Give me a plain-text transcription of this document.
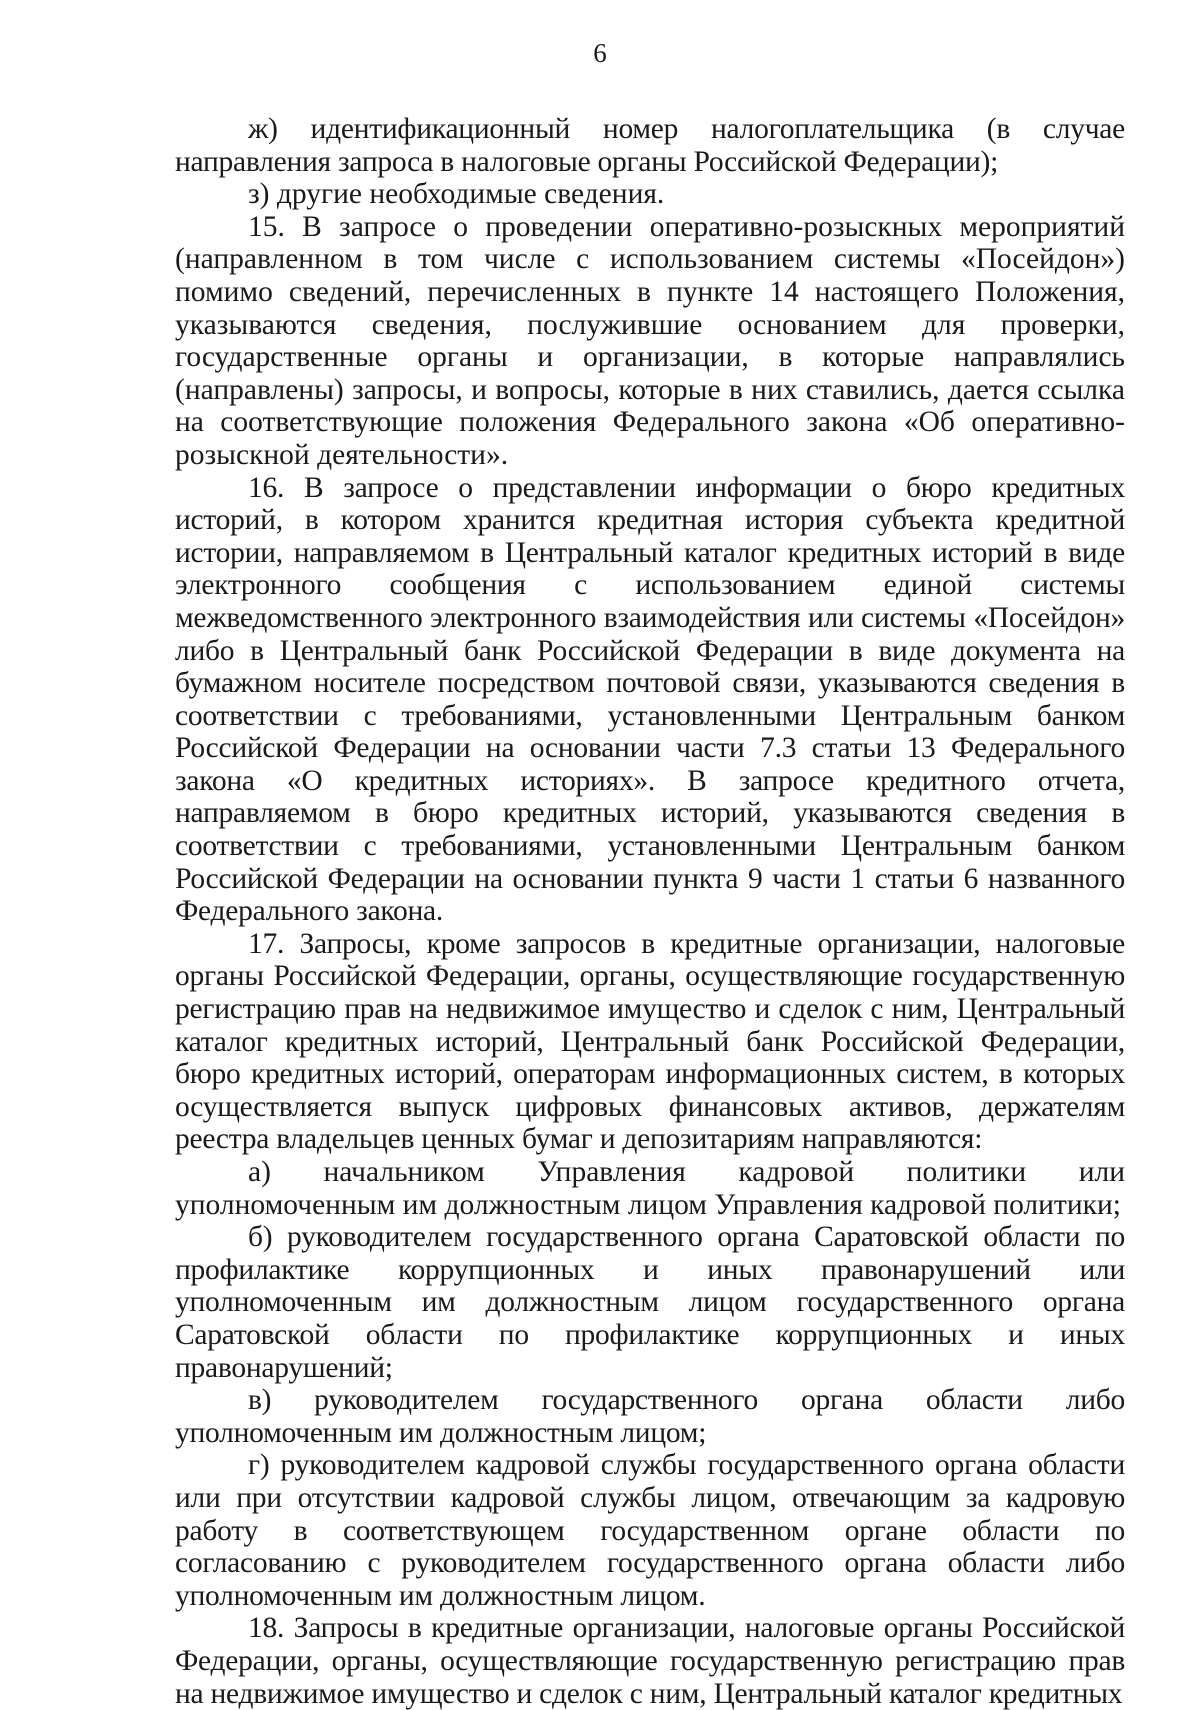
6

ж) идентификационный номер налогоплательщика (в случае направления запроса в налоговые органы Российской Федерации);

з) другие необходимые сведения.

15. В запросе о проведении оперативно-розыскных мероприятий (направленном в том числе с использованием системы «Посейдон») помимо сведений, перечисленных в пункте 14 настоящего Положения, указываются сведения, послужившие основанием для проверки, государственные органы и организации, в которые направлялись (направлены) запросы, и вопросы, которые в них ставились, дается ссылка на соответствующие положения Федерального закона «Об оперативно-розыскной деятельности».

16. В запросе о представлении информации о бюро кредитных историй, в котором хранится кредитная история субъекта кредитной истории, направляемом в Центральный каталог кредитных историй в виде электронного сообщения с использованием единой системы межведомственного электронного взаимодействия или системы «Посейдон» либо в Центральный банк Российской Федерации в виде документа на бумажном носителе посредством почтовой связи, указываются сведения в соответствии с требованиями, установленными Центральным банком Российской Федерации на основании части 7.3 статьи 13 Федерального закона «О кредитных историях». В запросе кредитного отчета, направляемом в бюро кредитных историй, указываются сведения в соответствии с требованиями, установленными Центральным банком Российской Федерации на основании пункта 9 части 1 статьи 6 названного Федерального закона.

17. Запросы, кроме запросов в кредитные организации, налоговые органы Российской Федерации, органы, осуществляющие государственную регистрацию прав на недвижимое имущество и сделок с ним, Центральный каталог кредитных историй, Центральный банк Российской Федерации, бюро кредитных историй, операторам информационных систем, в которых осуществляется выпуск цифровых финансовых активов, держателям реестра владельцев ценных бумаг и депозитариям направляются:

а) начальником Управления кадровой политики или уполномоченным им должностным лицом Управления кадровой политики;

б) руководителем государственного органа Саратовской области по профилактике коррупционных и иных правонарушений или уполномоченным им должностным лицом государственного органа Саратовской области по профилактике коррупционных и иных правонарушений;

в) руководителем государственного органа области либо уполномоченным им должностным лицом;

г) руководителем кадровой службы государственного органа области или при отсутствии кадровой службы лицом, отвечающим за кадровую работу в соответствующем государственном органе области по согласованию с руководителем государственного органа области либо уполномоченным им должностным лицом.

18. Запросы в кредитные организации, налоговые органы Российской Федерации, органы, осуществляющие государственную регистрацию прав на недвижимое имущество и сделок с ним, Центральный каталог кредитных
